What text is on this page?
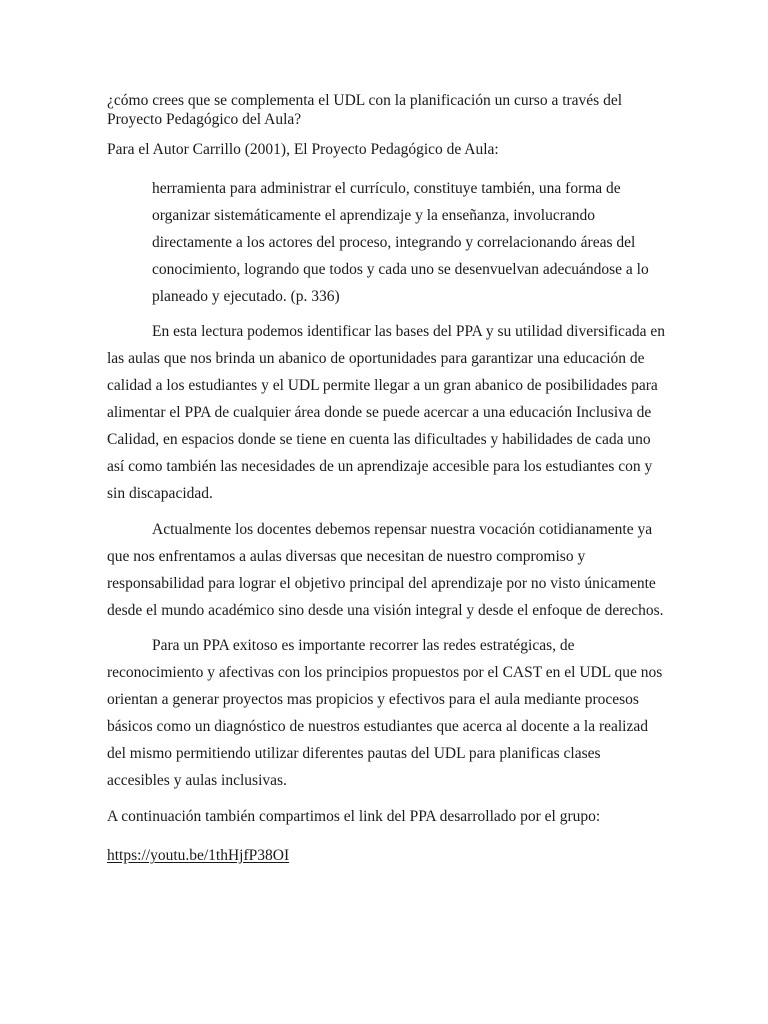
¿cómo crees que se complementa el UDL con la planificación un curso a través del Proyecto Pedagógico del Aula?
Para el Autor Carrillo (2001), El Proyecto Pedagógico de Aula:
herramienta para administrar el currículo, constituye también, una forma de organizar sistemáticamente el aprendizaje y la enseñanza, involucrando directamente a los actores del proceso, integrando y correlacionando áreas del conocimiento, logrando que todos y cada uno se desenvuelvan adecuándose a lo planeado y ejecutado. (p. 336)
En esta lectura podemos identificar las bases del PPA y su utilidad diversificada en las aulas que nos brinda un abanico de oportunidades para garantizar una educación de calidad a los estudiantes y el UDL permite llegar a un gran abanico de posibilidades para alimentar el PPA de cualquier área donde se puede acercar a una educación Inclusiva de Calidad, en espacios donde se tiene en cuenta las dificultades y habilidades de cada uno así como también las necesidades de un aprendizaje accesible para los estudiantes con y sin discapacidad.
Actualmente los docentes debemos repensar nuestra vocación cotidianamente ya que nos enfrentamos a aulas diversas que necesitan de nuestro compromiso y responsabilidad para lograr el objetivo principal del aprendizaje por no visto únicamente desde el mundo académico sino desde una visión integral y desde el enfoque de derechos.
Para un PPA exitoso es importante recorrer las redes estratégicas, de reconocimiento y afectivas con los principios propuestos por el CAST en el UDL que nos orientan a generar proyectos mas propicios y efectivos para el aula mediante procesos básicos como un diagnóstico de nuestros estudiantes que acerca al docente a la realizad del mismo permitiendo utilizar diferentes pautas del UDL para planificas clases accesibles y aulas inclusivas.
A continuación también compartimos el link del PPA desarrollado por el grupo:
https://youtu.be/1thHjfP38OI
